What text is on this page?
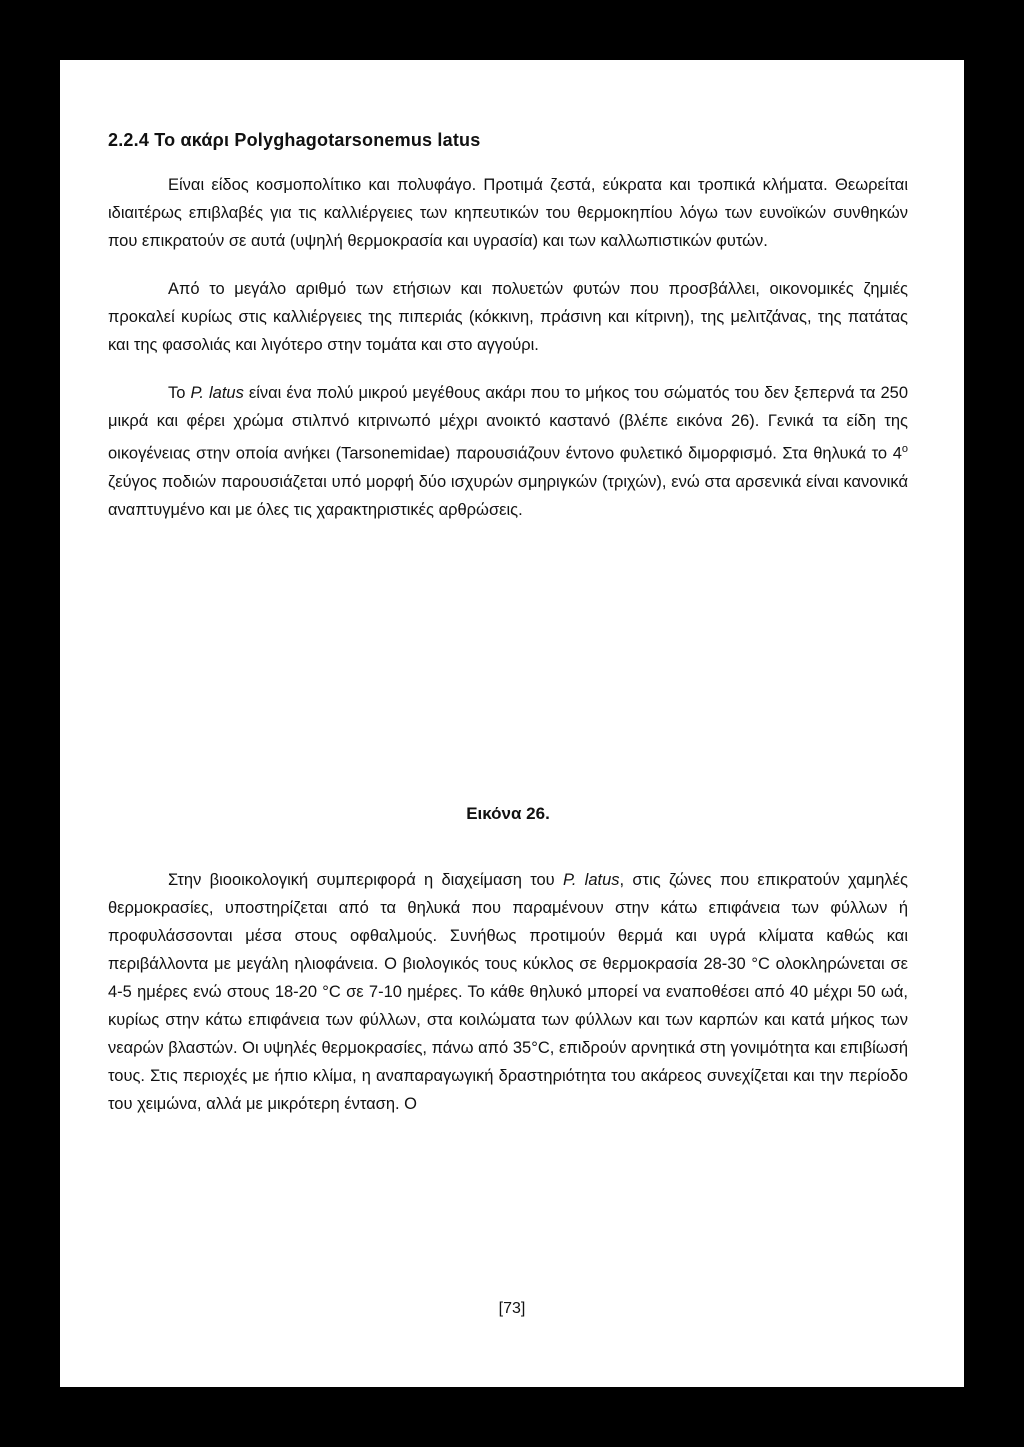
2.2.4 Το ακάρι Polyghagotarsonemus latus

Είναι είδος κοσμοπολίτικο και πολυφάγο. Προτιμά ζεστά, εύκρατα και τροπικά κλήματα. Θεωρείται ιδιαιτέρως επιβλαβές για τις καλλιέργειες των κηπευτικών του θερμοκηπίου λόγω των ευνοϊκών συνθηκών που επικρατούν σε αυτά (υψηλή θερμοκρασία και υγρασία) και των καλλωπιστικών φυτών.

Από το μεγάλο αριθμό των ετήσιων και πολυετών φυτών που προσβάλλει, οικονομικές ζημιές προκαλεί κυρίως στις καλλιέργειες της πιπεριάς (κόκκινη, πράσινη και κίτρινη), της μελιτζάνας, της πατάτας και της φασολιάς και λιγότερο στην τομάτα και στο αγγούρι.

Το P. latus είναι ένα πολύ μικρού μεγέθους ακάρι που το μήκος του σώματός του δεν ξεπερνά τα 250 μικρά και φέρει χρώμα στιλπνό κιτρινωπό μέχρι ανοικτό καστανό (βλέπε εικόνα 26). Γενικά τα είδη της οικογένειας στην οποία ανήκει (Tarsonemidae) παρουσιάζουν έντονο φυλετικό διμορφισμό. Στα θηλυκά το $4^o$ ζεύγος ποδιών παρουσιάζεται υπό μορφή δύο ισχυρών σμηριγκών (τριχών), ενώ στα αρσενικά είναι κανονικά αναπτυγμένο και με όλες τις χαρακτηριστικές αρθρώσεις.

Εικόνα 26.

Στην βιοοικολογική συμπεριφορά η διαχείμαση του P. latus, στις ζώνες που επικρατούν χαμηλές θερμοκρασίες, υποστηρίζεται από τα θηλυκά που παραμένουν στην κάτω επιφάνεια των φύλλων ή προφυλάσσονται μέσα στους οφθαλμούς. Συνήθως προτιμούν θερμά και υγρά κλίματα καθώς και περιβάλλοντα με μεγάλη ηλιοφάνεια. Ο βιολογικός τους κύκλος σε θερμοκρασία 28-30 °C ολοκληρώνεται σε 4-5 ημέρες ενώ στους 18-20 °C σε 7-10 ημέρες. Το κάθε θηλυκό μπορεί να εναποθέσει από 40 μέχρι 50 ωά, κυρίως στην κάτω επιφάνεια των φύλλων, στα κοιλώματα των φύλλων και των καρπών και κατά μήκος των νεαρών βλαστών. Οι υψηλές θερμοκρασίες, πάνω από 35°C, επιδρούν αρνητικά στη γονιμότητα και επιβίωσή τους. Στις περιοχές με ήπιο κλίμα, η αναπαραγωγική δραστηριότητα του ακάρεος συνεχίζεται και την περίοδο του χειμώνα, αλλά με μικρότερη ένταση. Ο

[73]
